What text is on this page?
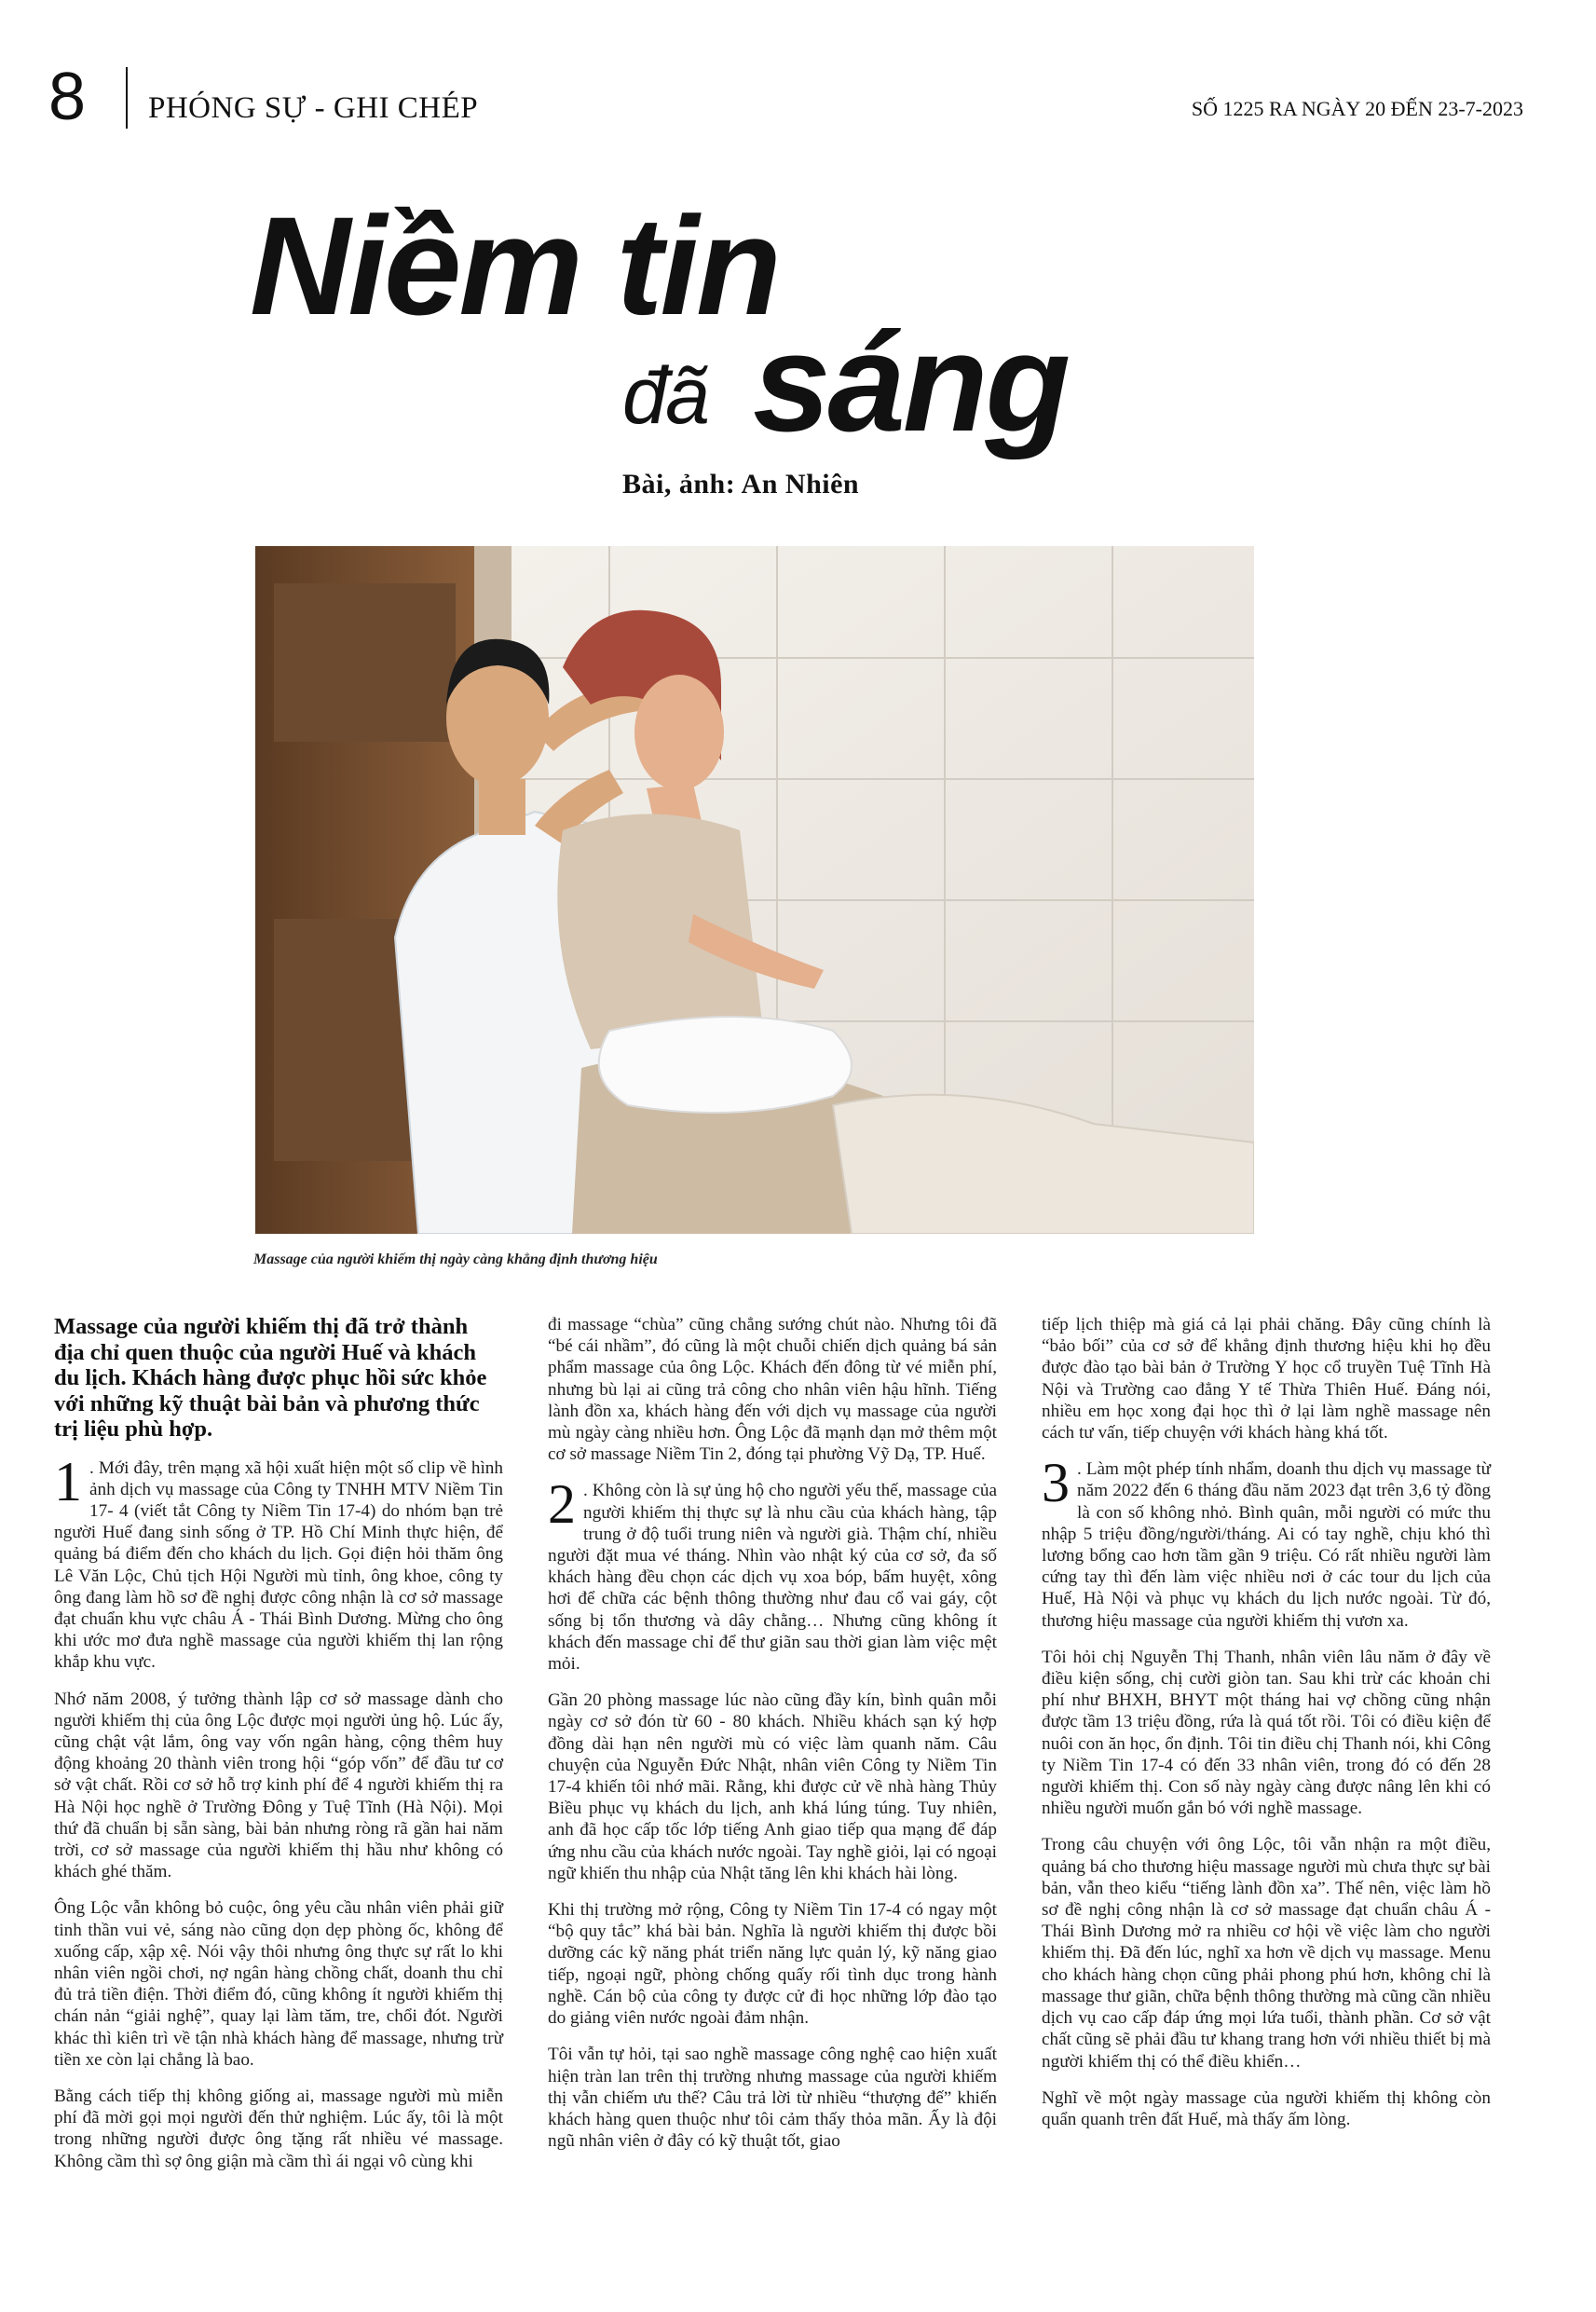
8 PHÓNG SỰ - GHI CHÉP	SỐ 1225 RA NGÀY 20 ĐẾN 23-7-2023
Niềm tin
đã sáng
Bài, ảnh: An Nhiên
Massage của người khiếm thị ngày càng khẳng định thương hiệu

Massage của người khiếm thị đã trở thành địa chỉ quen thuộc của người Huế và khách du lịch. Khách hàng được phục hồi sức khỏe với những kỹ thuật bài bản và phương thức trị liệu phù hợp.

1 . Mới đây, trên mạng xã hội xuất hiện một số clip về hình ảnh dịch vụ massage của Công ty TNHH MTV Niềm Tin 17- 4 (viết tắt Công ty Niềm Tin 17-4) do nhóm bạn trẻ người Huế đang sinh sống ở TP. Hồ Chí Minh thực hiện, để quảng bá điểm đến cho khách du lịch. Gọi điện hỏi thăm ông Lê Văn Lộc, Chủ tịch Hội Người mù tỉnh, ông khoe, công ty ông đang làm hồ sơ đề nghị được công nhận là cơ sở massage đạt chuẩn khu vực châu Á - Thái Bình Dương. Mừng cho ông khi ước mơ đưa nghề massage của người khiếm thị lan rộng khắp khu vực.

Nhớ năm 2008, ý tưởng thành lập cơ sở massage dành cho người khiếm thị của ông Lộc được mọi người ủng hộ. Lúc ấy, cũng chật vật lắm, ông vay vốn ngân hàng, cộng thêm huy động khoảng 20 thành viên trong hội “góp vốn” để đầu tư cơ sở vật chất. Rồi cơ sở hỗ trợ kinh phí để 4 người khiếm thị ra Hà Nội học nghề ở Trường Đông y Tuệ Tĩnh (Hà Nội). Mọi thứ đã chuẩn bị sẵn sàng, bài bản nhưng ròng rã gần hai năm trời, cơ sở massage của người khiếm thị hầu như không có khách ghé thăm.

Ông Lộc vẫn không bỏ cuộc, ông yêu cầu nhân viên phải giữ tinh thần vui vẻ, sáng nào cũng dọn dẹp phòng ốc, không để xuống cấp, xập xệ. Nói vậy thôi nhưng ông thực sự rất lo khi nhân viên ngồi chơi, nợ ngân hàng chồng chất, doanh thu chỉ đủ trả tiền điện. Thời điểm đó, cũng không ít người khiếm thị chán nản “giải nghệ”, quay lại làm tăm, tre, chổi đót. Người khác thì kiên trì về tận nhà khách hàng để massage, nhưng trừ tiền xe còn lại chẳng là bao.

Bằng cách tiếp thị không giống ai, massage người mù miễn phí đã mời gọi mọi người đến thử nghiệm. Lúc ấy, tôi là một trong những người được ông tặng rất nhiều vé massage. Không cầm thì sợ ông giận mà cầm thì ái ngại vô cùng khi

đi massage “chùa” cũng chẳng sướng chút nào. Nhưng tôi đã “bé cái nhầm”, đó cũng là một chuỗi chiến dịch quảng bá sản phẩm massage của ông Lộc. Khách đến đông từ vé miễn phí, nhưng bù lại ai cũng trả công cho nhân viên hậu hĩnh. Tiếng lành đồn xa, khách hàng đến với dịch vụ massage của người mù ngày càng nhiều hơn. Ông Lộc đã mạnh dạn mở thêm một cơ sở massage Niềm Tin 2, đóng tại phường Vỹ Dạ, TP. Huế.

2 . Không còn là sự ủng hộ cho người yếu thế, massage của người khiếm thị thực sự là nhu cầu của khách hàng, tập trung ở độ tuổi trung niên và người già. Thậm chí, nhiều người đặt mua vé tháng. Nhìn vào nhật ký của cơ sở, đa số khách hàng đều chọn các dịch vụ xoa bóp, bấm huyệt, xông hơi để chữa các bệnh thông thường như đau cổ vai gáy, cột sống bị tổn thương và dây chằng… Nhưng cũng không ít khách đến massage chỉ để thư giãn sau thời gian làm việc mệt mỏi.

Gần 20 phòng massage lúc nào cũng đầy kín, bình quân mỗi ngày cơ sở đón từ 60 - 80 khách. Nhiều khách sạn ký hợp đồng dài hạn nên người mù có việc làm quanh năm. Câu chuyện của Nguyễn Đức Nhật, nhân viên Công ty Niềm Tin 17-4 khiến tôi nhớ mãi. Rằng, khi được cử về nhà hàng Thủy Biều phục vụ khách du lịch, anh khá lúng túng. Tuy nhiên, anh đã học cấp tốc lớp tiếng Anh giao tiếp qua mạng để đáp ứng nhu cầu của khách nước ngoài. Tay nghề giỏi, lại có ngoại ngữ khiến thu nhập của Nhật tăng lên khi khách hài lòng.

Khi thị trường mở rộng, Công ty Niềm Tin 17-4 có ngay một “bộ quy tắc” khá bài bản. Nghĩa là người khiếm thị được bồi dưỡng các kỹ năng phát triển năng lực quản lý, kỹ năng giao tiếp, ngoại ngữ, phòng chống quấy rối tình dục trong hành nghề. Cán bộ của công ty được cử đi học những lớp đào tạo do giảng viên nước ngoài đảm nhận.

Tôi vẫn tự hỏi, tại sao nghề massage công nghệ cao hiện xuất hiện tràn lan trên thị trường nhưng massage của người khiếm thị vẫn chiếm ưu thế? Câu trả lời từ nhiều “thượng đế” khiến khách hàng quen thuộc như tôi cảm thấy thỏa mãn. Ấy là đội ngũ nhân viên ở đây có kỹ thuật tốt, giao

tiếp lịch thiệp mà giá cả lại phải chăng. Đây cũng chính là “bảo bối” của cơ sở để khẳng định thương hiệu khi họ đều được đào tạo bài bản ở Trường Y học cổ truyền Tuệ Tĩnh Hà Nội và Trường cao đẳng Y tế Thừa Thiên Huế. Đáng nói, nhiều em học xong đại học thì ở lại làm nghề massage nên cách tư vấn, tiếp chuyện với khách hàng khá tốt.

3 . Làm một phép tính nhẩm, doanh thu dịch vụ massage từ năm 2022 đến 6 tháng đầu năm 2023 đạt trên 3,6 tỷ đồng là con số không nhỏ. Bình quân, mỗi người có mức thu nhập 5 triệu đồng/người/tháng. Ai có tay nghề, chịu khó thì lương bổng cao hơn tầm gần 9 triệu. Có rất nhiều người làm cứng tay thì đến làm việc nhiều nơi ở các tour du lịch của Huế, Hà Nội và phục vụ khách du lịch nước ngoài. Từ đó, thương hiệu massage của người khiếm thị vươn xa.

Tôi hỏi chị Nguyễn Thị Thanh, nhân viên lâu năm ở đây về điều kiện sống, chị cười giòn tan. Sau khi trừ các khoản chi phí như BHXH, BHYT một tháng hai vợ chồng cũng nhận được tầm 13 triệu đồng, rứa là quá tốt rồi. Tôi có điều kiện để nuôi con ăn học, ổn định. Tôi tin điều chị Thanh nói, khi Công ty Niềm Tin 17-4 có đến 33 nhân viên, trong đó có đến 28 người khiếm thị. Con số này ngày càng được nâng lên khi có nhiều người muốn gắn bó với nghề massage.

Trong câu chuyện với ông Lộc, tôi vẫn nhận ra một điều, quảng bá cho thương hiệu massage người mù chưa thực sự bài bản, vẫn theo kiểu “tiếng lành đồn xa”. Thế nên, việc làm hồ sơ đề nghị công nhận là cơ sở massage đạt chuẩn châu Á - Thái Bình Dương mở ra nhiều cơ hội về việc làm cho người khiếm thị. Đã đến lúc, nghĩ xa hơn về dịch vụ massage. Menu cho khách hàng chọn cũng phải phong phú hơn, không chỉ là massage thư giãn, chữa bệnh thông thường mà cũng cần nhiều dịch vụ cao cấp đáp ứng mọi lứa tuổi, thành phần. Cơ sở vật chất cũng sẽ phải đầu tư khang trang hơn với nhiều thiết bị mà người khiếm thị có thể điều khiển…

Nghĩ về một ngày massage của người khiếm thị không còn quẩn quanh trên đất Huế, mà thấy ấm lòng.
